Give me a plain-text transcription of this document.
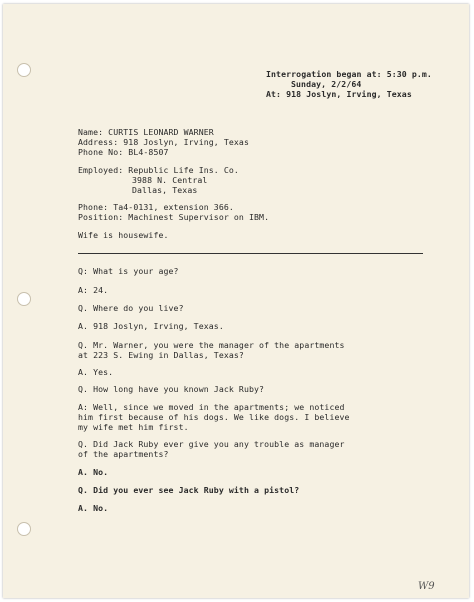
Interrogation began at: 5:30 p.m.
Sunday, 2/2/64
At: 918 Joslyn, Irving, Texas
Name: CURTIS LEONARD WARNER
Address: 918 Joslyn, Irving, Texas
Phone No: BL4-8507
Employed: Republic Life Ins. Co.
3988 N. Central
Dallas, Texas
Phone: Ta4-0131, extension 366.
Position: Machinest Supervisor on IBM.
Wife is housewife.
Q: What is your age?
A: 24.
Q. Where do you live?
A. 918 Joslyn, Irving, Texas.
Q. Mr. Warner, you were the manager of the apartments
at 223 S. Ewing in Dallas, Texas?
A. Yes.
Q. How long have you known Jack Ruby?
A: Well, since we moved in the apartments; we noticed
him first because of his dogs. We like dogs. I believe
my wife met him first.
Q. Did Jack Ruby ever give you any trouble as manager
of the apartments?
A. No.
Q. Did you ever see Jack Ruby with a pistol?
A. No.
W9
